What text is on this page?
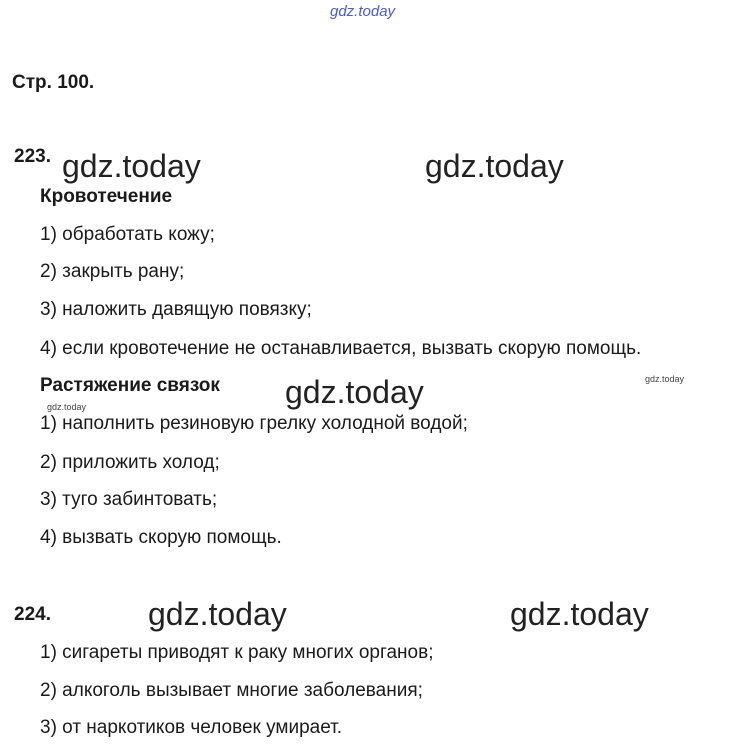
gdz.today
gdz.today	gdz.today
gdz.today	gdz.today
gdz.today
gdz.today	gdz.today
Стр. 100.
223.
Кровотечение
1) обработать кожу;
2) закрыть рану;
3) наложить давящую повязку;
4) если кровотечение не останавливается, вызвать скорую помощь.
Растяжение связок
1) наполнить резиновую грелку холодной водой;
2) приложить холод;
3) туго забинтовать;
4) вызвать скорую помощь.
224.
1) сигареты приводят к раку многих органов;
2) алкоголь вызывает многие заболевания;
3) от наркотиков человек умирает.
